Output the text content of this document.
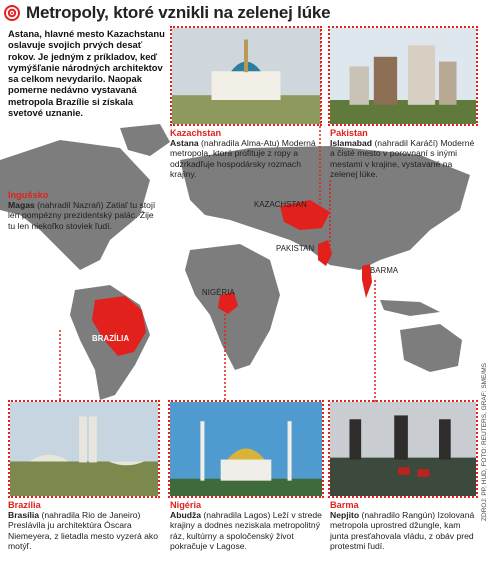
Metropoly, ktoré vznikli na zelenej lúke
Astana, hlavné mesto Kazachstanu oslavuje svojich prvých desať rokov. Je jedným z príkladov, keď vymýšľanie národných architektov sa celkom nevydarilo. Naopak pomerne nedávno vystavaná metropola Brazílie si získala svetové uznanie.
KAZACHSTAN
PAKISTAN
BARMA
NIGÉRIA
BRAZÍLIA
Kazachstan
Astana (nahradila Alma-Atu) Moderná metropola, ktorá profituje z ropy a odzrkadľuje hospodársky rozmach krajiny.
Pakistan
Islamabad (nahradil Karáčí) Moderné a čisté mesto v porovnaní s inými mestami v krajine, vystavané na zelenej lúke.
Ingušsko
Magas (nahradil Nazraň) Zatiaľ tu stojí len pompézny prezidentský palác. Žije tu len niekoľko stoviek ľudí.
Brazília
Brasília (nahradila Rio de Janeiro) Preslávila ju architektúra Óscara Niemeyera, z lietadla mesto vyzerá ako motýľ.
Nigéria
Abudža (nahradila Lagos) Leží v strede krajiny a dodnes neziskala metropolitný ráz, kultúrny a spoločenský život pokračuje v Lagose.
Barma
Nepjito (nahradilo Rangún) Izolovaná metropola uprostred džungle, kam junta presťahovala vládu, z obáv pred protestmi ľudí.
ZDROJ: PP, HUD, FOTO: REUTERS, GRAF: SME/MS
